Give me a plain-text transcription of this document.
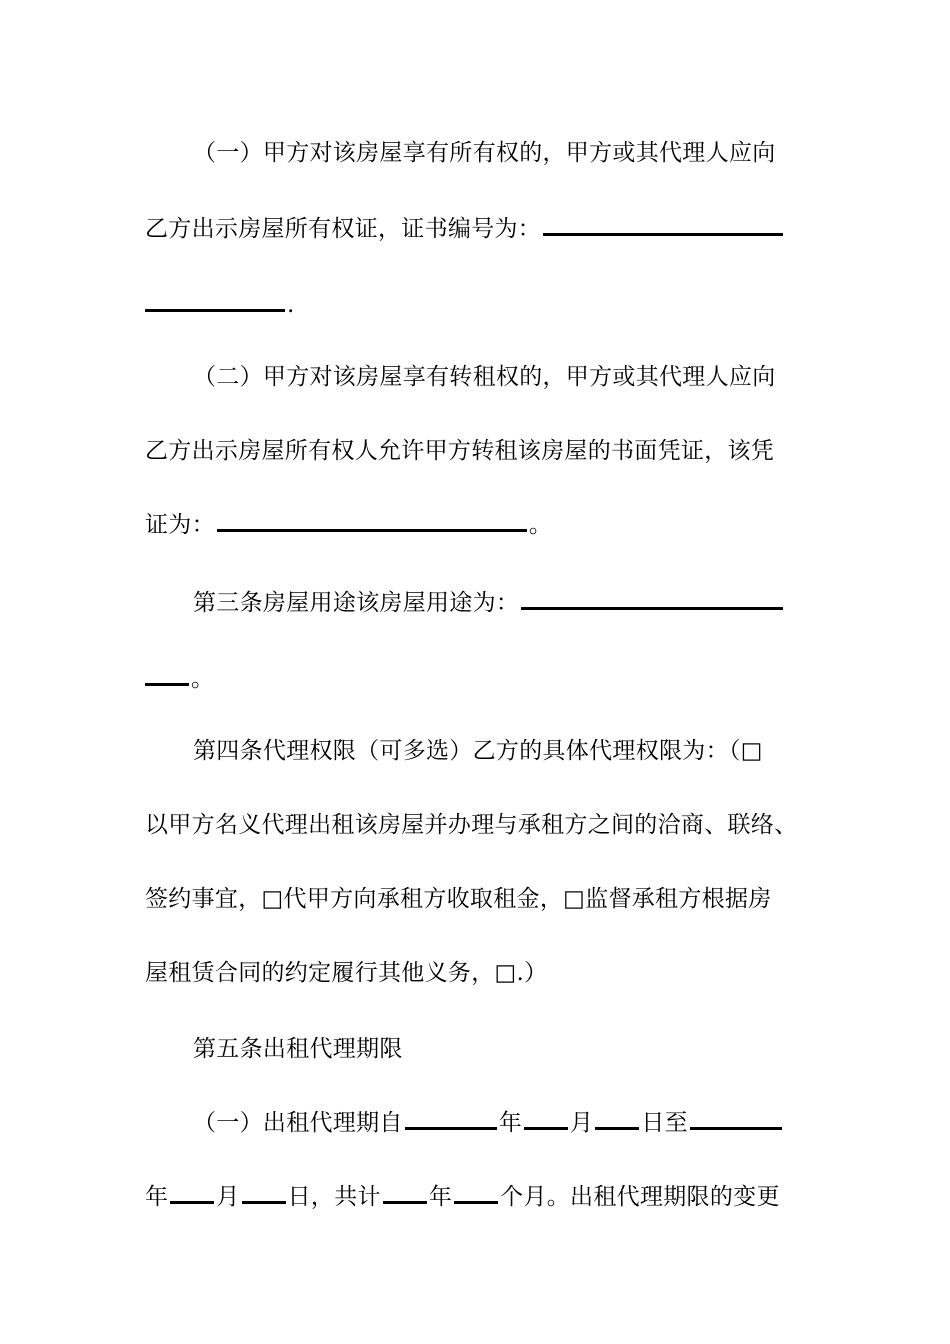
（一）甲方对该房屋享有所有权的，甲方或其代理人应向
乙方出示房屋所有权证，证书编号为：
.
（二）甲方对该房屋享有转租权的，甲方或其代理人应向
乙方出示房屋所有权人允许甲方转租该房屋的书面凭证，该凭
证为：	。
第三条房屋用途该房屋用途为：
。
第四条代理权限（可多选）乙方的具体代理权限为：（□
以甲方名义代理出租该房屋并办理与承租方之间的洽商、联络、
签约事宜，□代甲方向承租方收取租金，□监督承租方根据房
屋租赁合同的约定履行其他义务，□.）
第五条出租代理期限
（一）出租代理期自	年 月 日至
年 月 日，共计 年 个月。出租代理期限的变更
